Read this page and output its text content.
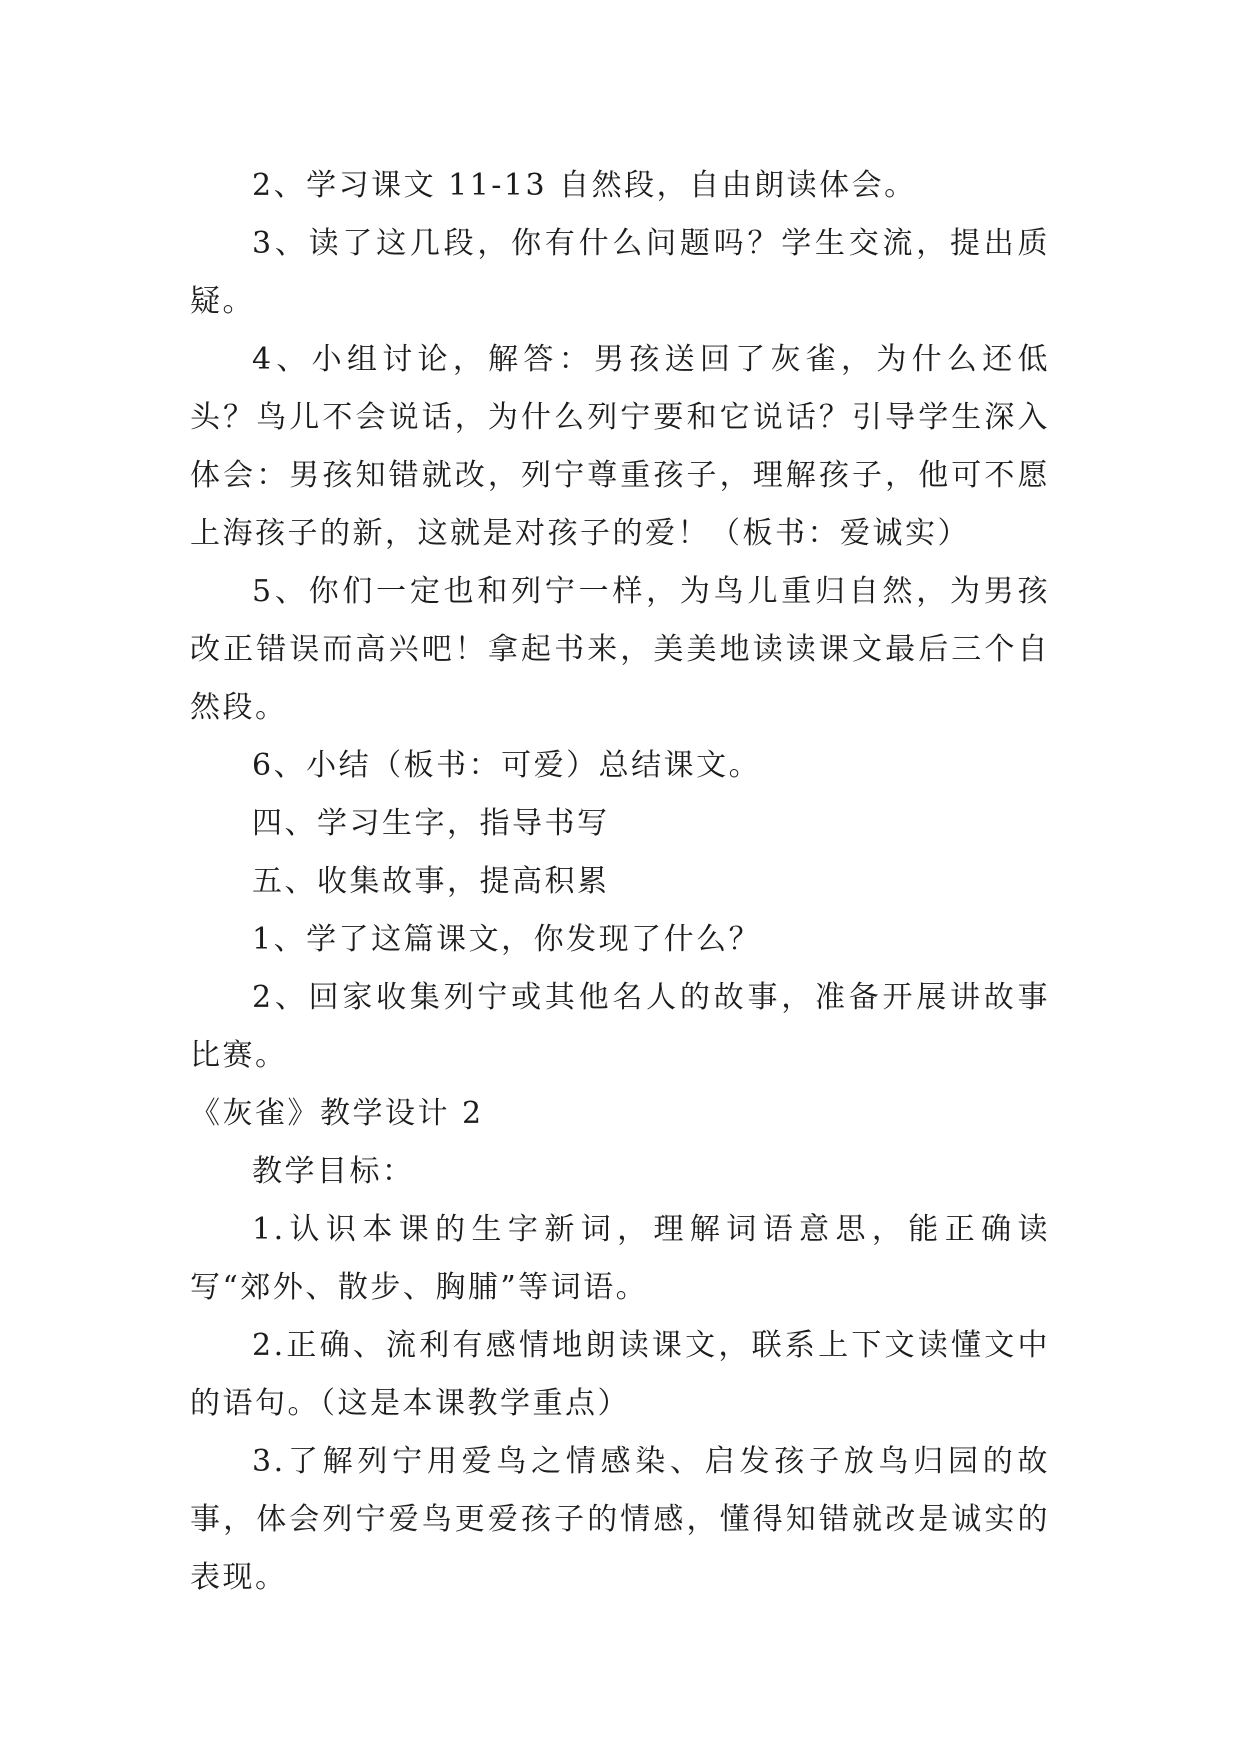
2、学习课文 11-13 自然段，自由朗读体会。

3、读了这几段，你有什么问题吗？学生交流，提出质疑。

4、小组讨论，解答：男孩送回了灰雀，为什么还低头？鸟儿不会说话，为什么列宁要和它说话？引导学生深入体会：男孩知错就改，列宁尊重孩子，理解孩子，他可不愿上海孩子的新，这就是对孩子的爱！（板书：爱诚实）

5、你们一定也和列宁一样，为鸟儿重归自然，为男孩改正错误而高兴吧！拿起书来，美美地读读课文最后三个自然段。

6、小结（板书：可爱）总结课文。

四、学习生字，指导书写

五、收集故事，提高积累

1、学了这篇课文，你发现了什么？

2、回家收集列宁或其他名人的故事，准备开展讲故事比赛。

《灰雀》教学设计 2

教学目标：

1.认识本课的生字新词，理解词语意思，能正确读写“郊外、散步、胸脯”等词语。

2.正确、流利有感情地朗读课文，联系上下文读懂文中的语句。（这是本课教学重点）

3.了解列宁用爱鸟之情感染、启发孩子放鸟归园的故事，体会列宁爱鸟更爱孩子的情感，懂得知错就改是诚实的表现。
